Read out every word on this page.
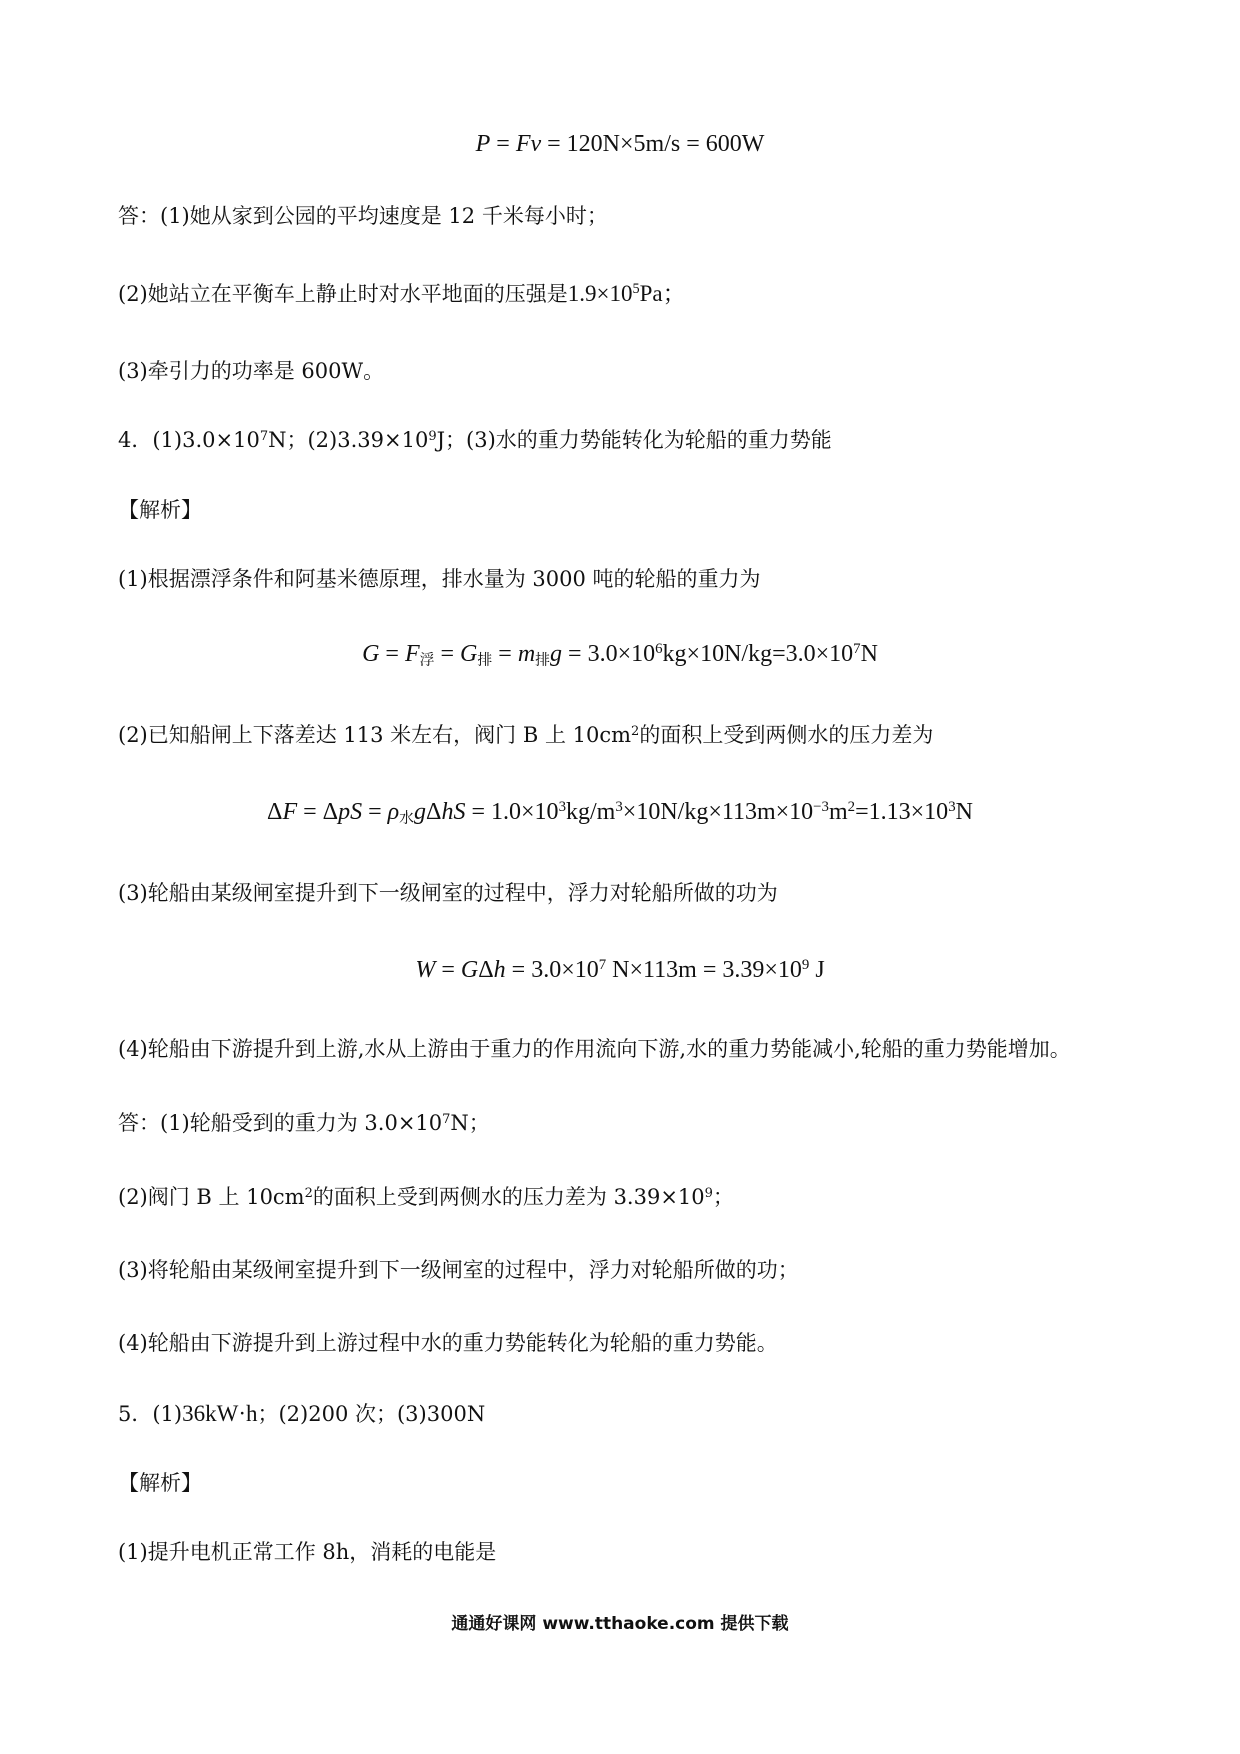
P = Fv = 120N×5m/s = 600W
答：(1)她从家到公园的平均速度是 12 千米每小时；
(2)她站立在平衡车上静止时对水平地面的压强是$1.9\times 10^5Pa$；
(3)牵引力的功率是 600W。
4．$(1)3.0\times 10^7N$；$(2)3.39\times 10^9J$；(3)水的重力势能转化为轮船的重力势能
【解析】
(1)根据漂浮条件和阿基米德原理，排水量为 3000 吨的轮船的重力为
$G = F_浮 = G_排 = m_排g = 3.0\times 10^6kg\times 10N/kg=3.0\times 10^7N$
(2)已知船闸上下落差达 113 米左右，阀门 B 上 $10cm^2$的面积上受到两侧水的压力差为
$\Delta F = \Delta pS = \rho_水g\Delta hS = 1.0\times 10^3kg/m^3\times 10N/kg\times 113m\times 10^{-3}m^2=1.13\times 10^3N$
(3)轮船由某级闸室提升到下一级闸室的过程中，浮力对轮船所做的功为
$W = G\Delta h = 3.0\times 10^7$ $N\times 113m = 3.39\times 10^9$ J
(4)轮船由下游提升到上游,水从上游由于重力的作用流向下游,水的重力势能减小,轮船的重力势能增加。
答：(1)轮船受到的重力为 $3.0\times 10^7N$；
(2)阀门 B 上 $10cm^2$的面积上受到两侧水的压力差为 $3.39\times 10^9$；
(3)将轮船由某级闸室提升到下一级闸室的过程中，浮力对轮船所做的功；
(4)轮船由下游提升到上游过程中水的重力势能转化为轮船的重力势能。
5．(1)36kW·h；(2)200 次；(3)300N
【解析】
(1)提升电机正常工作 8h，消耗的电能是
通通好课网 www.tthaoke.com 提供下载
